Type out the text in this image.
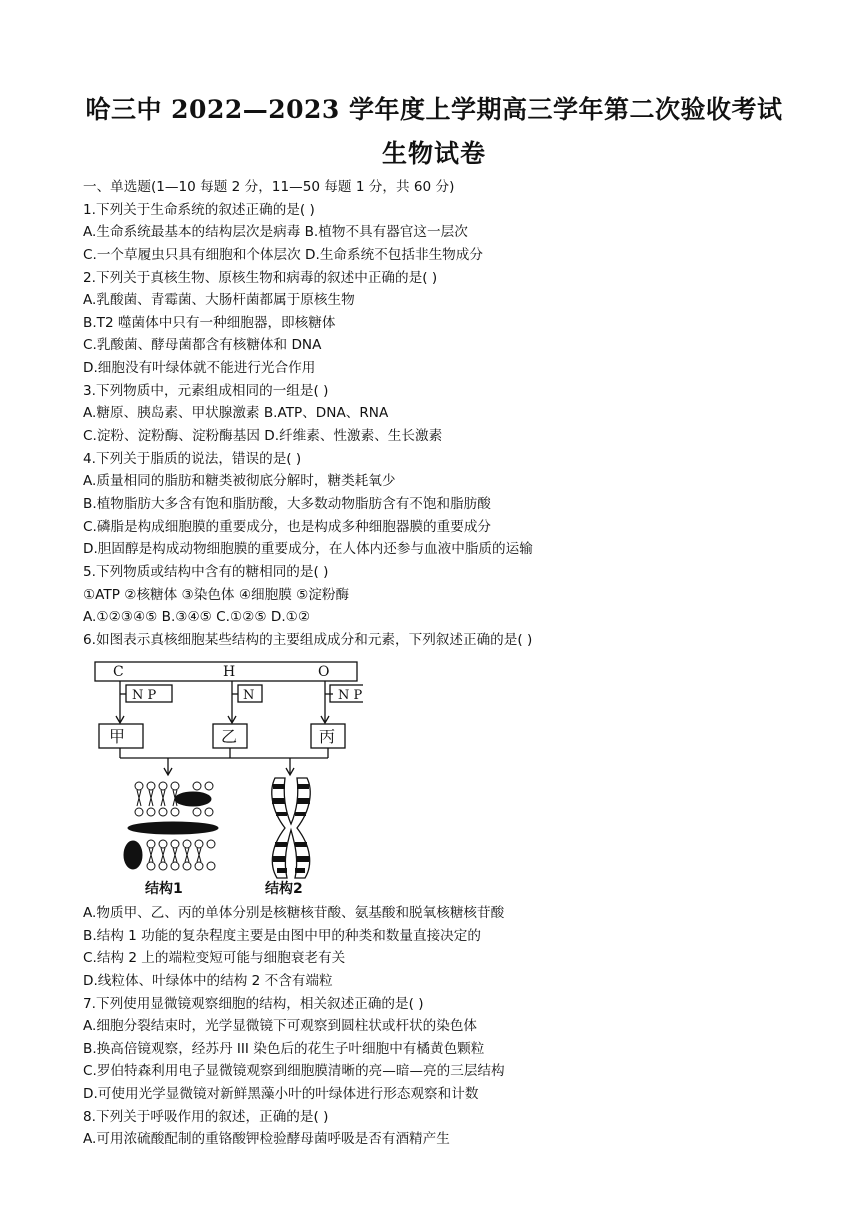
哈三中 2022—2023 学年度上学期高三学年第二次验收考试
生物试卷
一、单选题(1—10 每题 2 分，11—50 每题 1 分，共 60 分)
1.下列关于生命系统的叙述正确的是( )
A.生命系统最基本的结构层次是病毒 B.植物不具有器官这一层次
C.一个草履虫只具有细胞和个体层次 D.生命系统不包括非生物成分
2.下列关于真核生物、原核生物和病毒的叙述中正确的是( )
A.乳酸菌、青霉菌、大肠杆菌都属于原核生物
B.T2 噬菌体中只有一种细胞器，即核糖体
C.乳酸菌、酵母菌都含有核糖体和 DNA
D.细胞没有叶绿体就不能进行光合作用
3.下列物质中，元素组成相同的一组是( )
A.糖原、胰岛素、甲状腺激素 B.ATP、DNA、RNA
C.淀粉、淀粉酶、淀粉酶基因 D.纤维素、性激素、生长激素
4.下列关于脂质的说法，错误的是( )
A.质量相同的脂肪和糖类被彻底分解时，糖类耗氧少
B.植物脂肪大多含有饱和脂肪酸，大多数动物脂肪含有不饱和脂肪酸
C.磷脂是构成细胞膜的重要成分，也是构成多种细胞器膜的重要成分
D.胆固醇是构成动物细胞膜的重要成分，在人体内还参与血液中脂质的运输
5.下列物质或结构中含有的糖相同的是( )
①ATP ②核糖体 ③染色体 ④细胞膜 ⑤淀粉酶
A.①②③④⑤ B.③④⑤ C.①②⑤ D.①②
6.如图表示真核细胞某些结构的主要组成成分和元素，下列叙述正确的是( )
C	H	O
N P	N	N P
甲	乙	丙
结构1	结构2
A.物质甲、乙、丙的单体分别是核糖核苷酸、氨基酸和脱氧核糖核苷酸
B.结构 1 功能的复杂程度主要是由图中甲的种类和数量直接决定的
C.结构 2 上的端粒变短可能与细胞衰老有关
D.线粒体、叶绿体中的结构 2 不含有端粒
7.下列使用显微镜观察细胞的结构，相关叙述正确的是( )
A.细胞分裂结束时，光学显微镜下可观察到圆柱状或杆状的染色体
B.换高倍镜观察，经苏丹 III 染色后的花生子叶细胞中有橘黄色颗粒
C.罗伯特森利用电子显微镜观察到细胞膜清晰的亮—暗—亮的三层结构
D.可使用光学显微镜对新鲜黑藻小叶的叶绿体进行形态观察和计数
8.下列关于呼吸作用的叙述，正确的是( )
A.可用浓硫酸配制的重铬酸钾检验酵母菌呼吸是否有酒精产生
